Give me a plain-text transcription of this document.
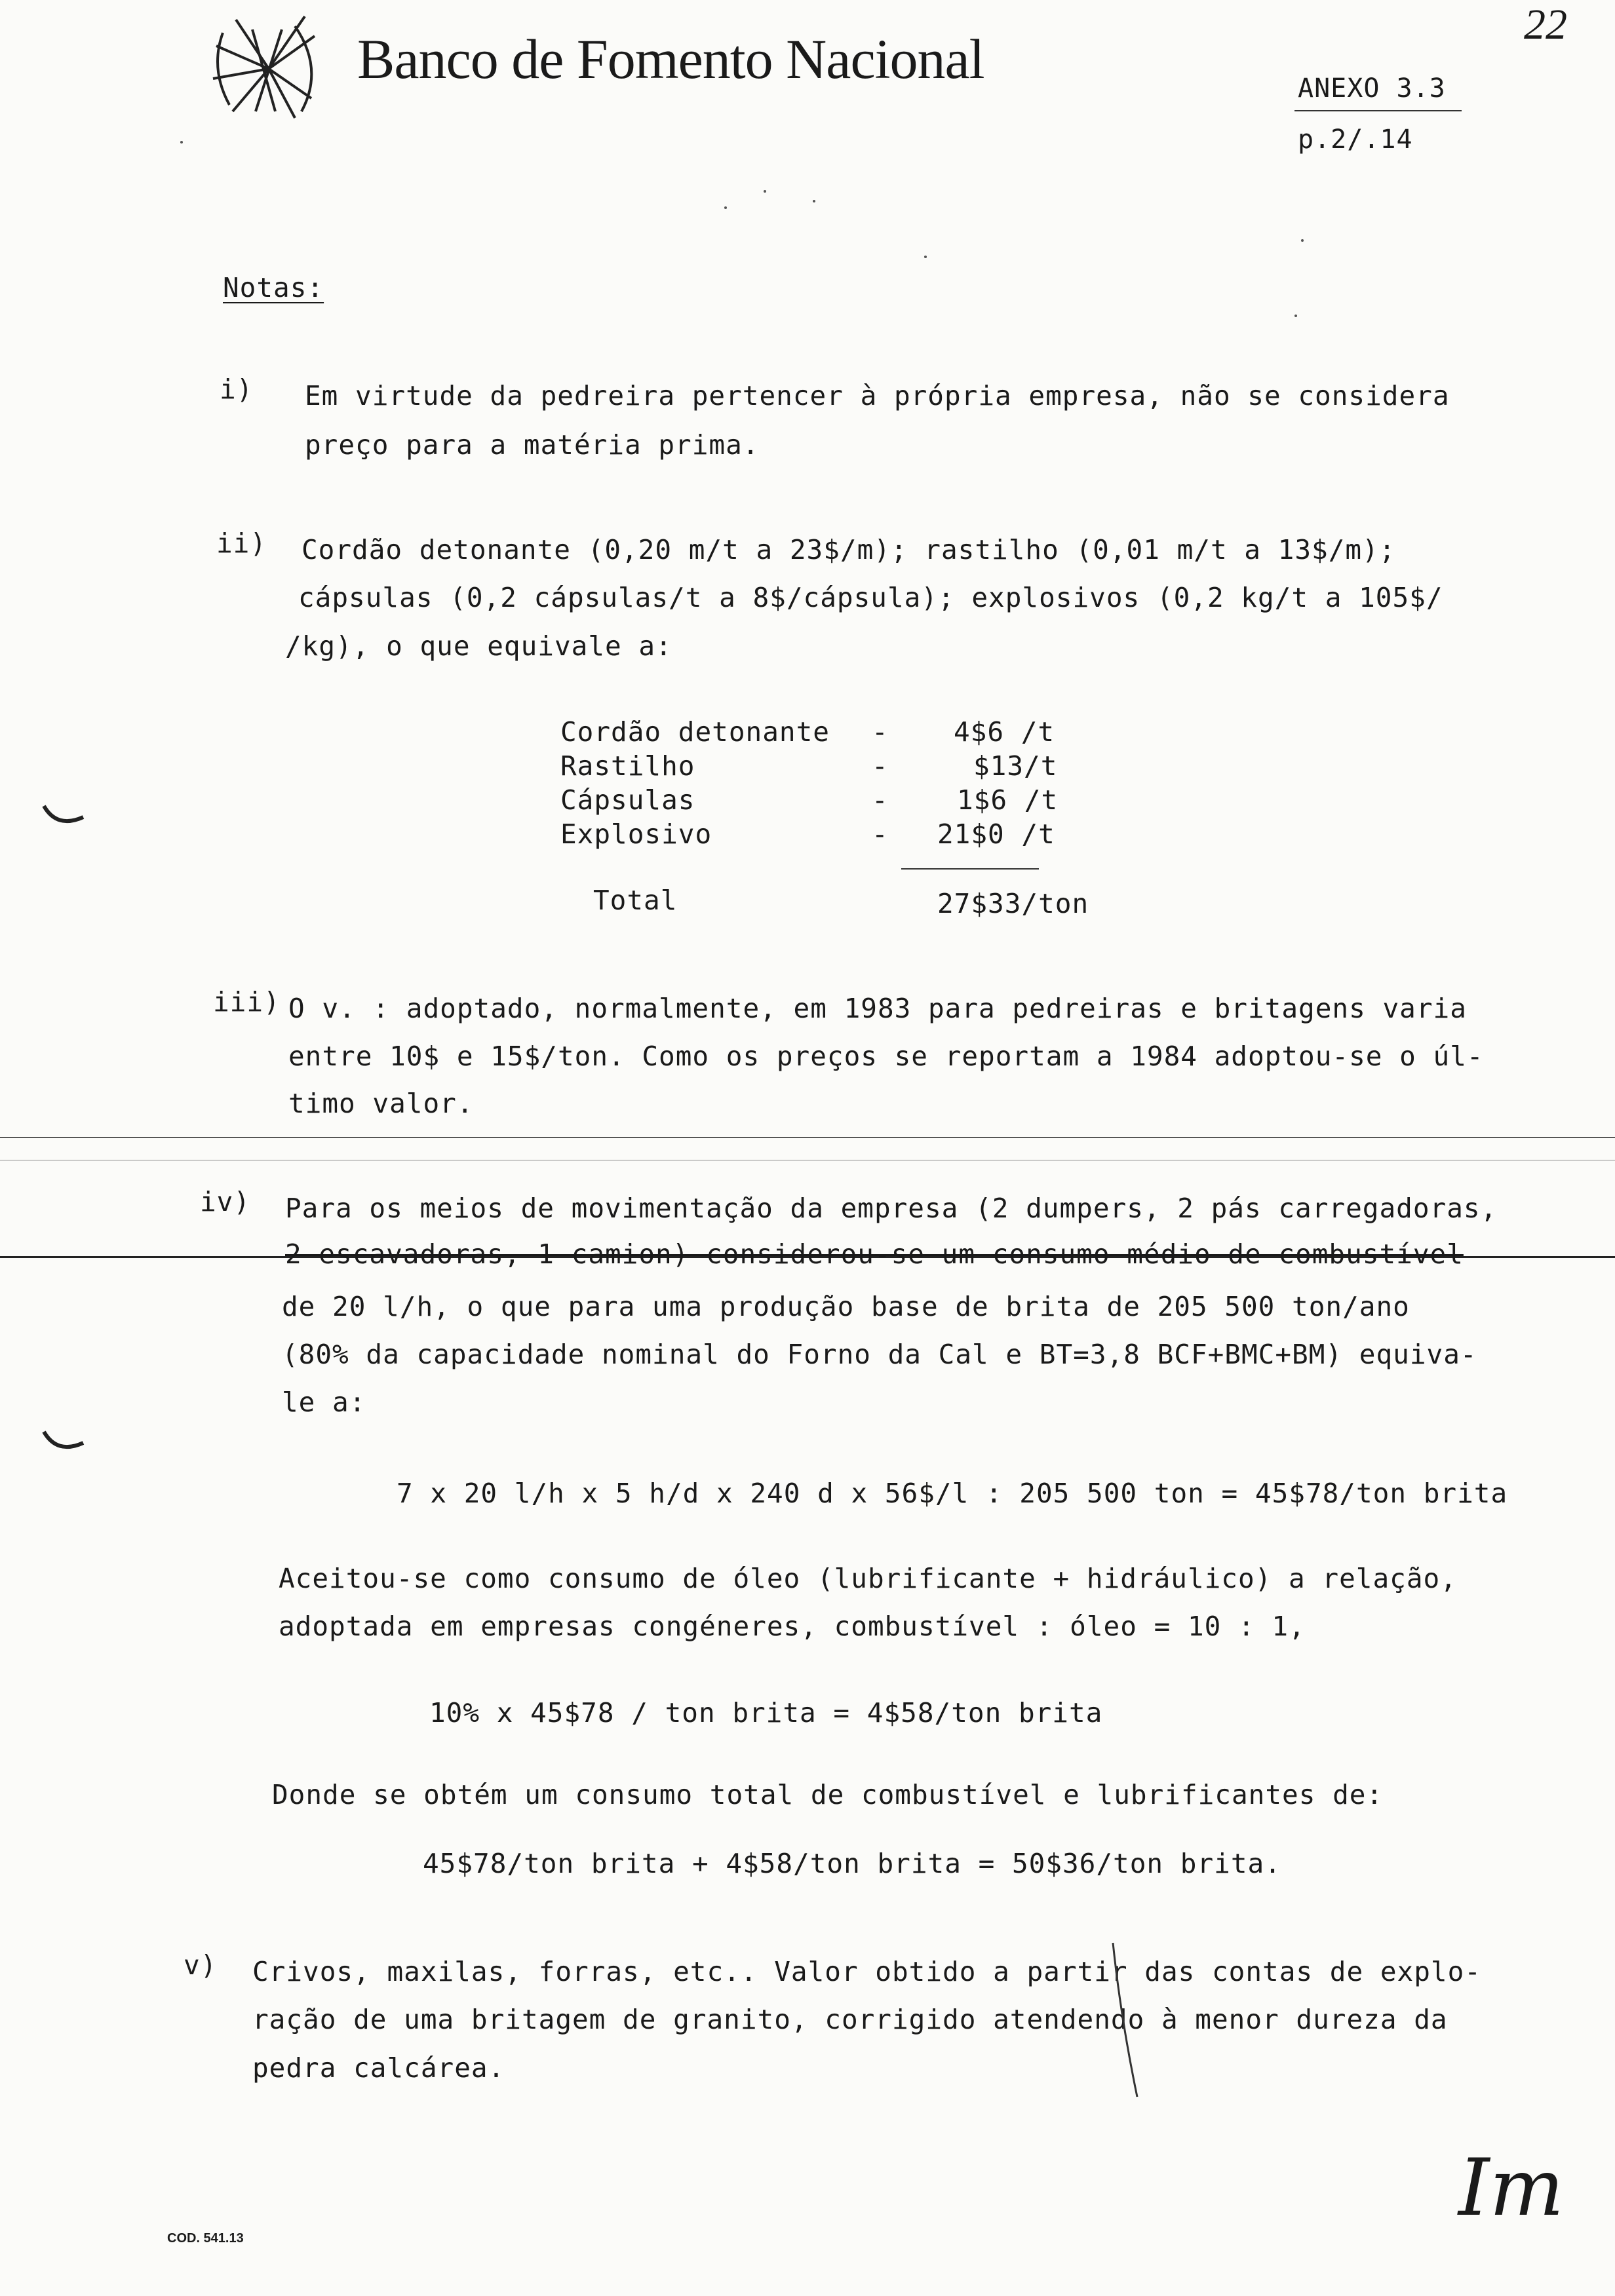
Banco de Fomento Nacional
22
ANEXO 3.3
p.2/.14
Notas:
i) Em virtude da pedreira pertencer à própria empresa, não se considera
preço para a matéria prima.
ii) Cordão detonante (0,20 m/t a 23$/m); rastilho (0,01 m/t a 13$/m);
cápsulas (0,2 cápsulas/t a 8$/cápsula); explosivos (0,2 kg/t a 105$/
/kg), o que equivale a:
Cordão detonante - 4$6 /t
Rastilho	-	$13/t
Cápsulas	-	1$6 /t
Explosivo	- 21$0 /t
Total	27$33/ton
iii) O v. : adoptado, normalmente, em 1983 para pedreiras e britagens varia
entre 10$ e 15$/ton. Como os preços se reportam a 1984 adoptou-se o úl-
timo valor.
iv) Para os meios de movimentação da empresa (2 dumpers, 2 pás carregadoras,
2 escavadoras, 1 camion) considerou-se um consumo médio de combustível
de 20 l/h, o que para uma produção base de brita de 205 500 ton/ano
(80% da capacidade nominal do Forno da Cal e BT=3,8 BCF+BMC+BM) equiva-
le a:
7 x 20 l/h x 5 h/d x 240 d x 56$/l : 205 500 ton = 45$78/ton brita
Aceitou-se como consumo de óleo (lubrificante + hidráulico) a relação,
adoptada em empresas congéneres, combustível : óleo = 10 : 1,
10% x 45$78 / ton brita = 4$58/ton brita
Donde se obtém um consumo total de combustível e lubrificantes de:
45$78/ton brita + 4$58/ton brita = 50$36/ton brita.
v) Crivos, maxilas, forras, etc.. Valor obtido a partir das contas de explo-
ração de uma britagem de granito, corrigido atendendo à menor dureza da
pedra calcárea.
COD. 541.13
Im
